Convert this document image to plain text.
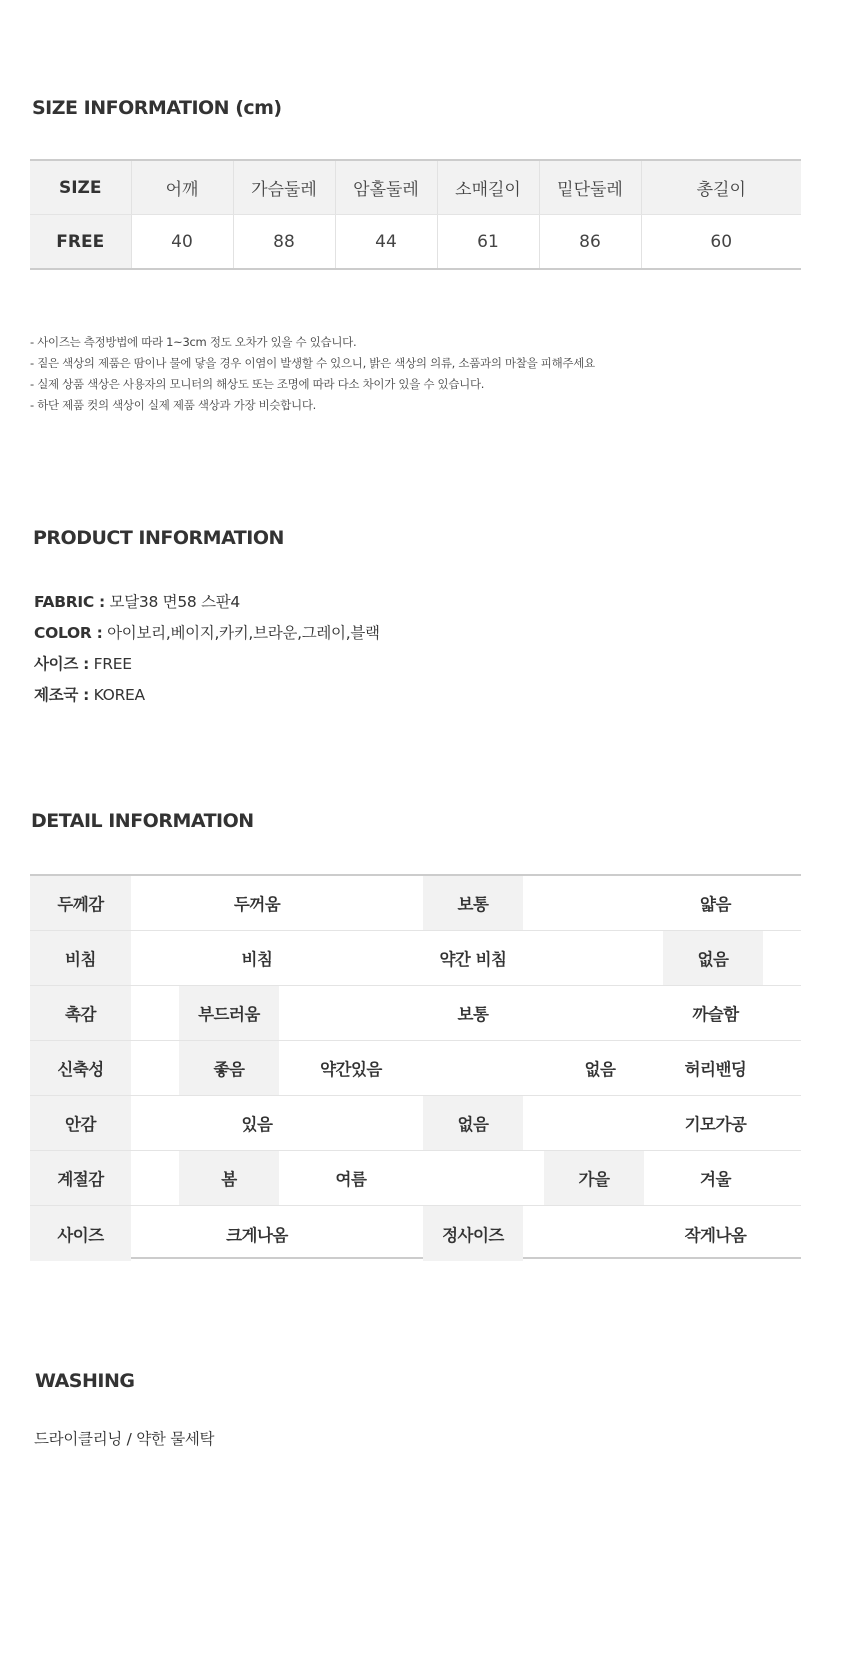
SIZE INFORMATION (cm)
SIZE	어깨	가슴둘레	암홀둘레	소매길이	밑단둘레	총길이
FREE	40	88	44	61	86	60
- 사이즈는 측정방법에 따라 1~3cm 정도 오차가 있을 수 있습니다.
- 짙은 색상의 제품은 땀이나 물에 닿을 경우 이염이 발생할 수 있으니, 밝은 색상의 의류, 소품과의 마찰을 피해주세요
- 실제 상품 색상은 사용자의 모니터의 해상도 또는 조명에 따라 다소 차이가 있을 수 있습니다.
- 하단 제품 컷의 색상이 실제 제품 색상과 가장 비슷합니다.
PRODUCT INFORMATION
FABRIC : 모달38 면58 스판4
COLOR : 아이보리,베이지,카키,브라운,그레이,블랙
사이즈 : FREE
제조국 : KOREA
DETAIL INFORMATION
두께감	두꺼움	보통	얇음
비침	비침	약간 비침	없음
촉감	부드러움	보통	까슬함
신축성	좋음	약간있음	없음	허리밴딩
안감	있음	없음	기모가공
계절감	봄	여름	가을	겨울
사이즈	크게나옴	정사이즈	작게나옴
WASHING
드라이클리닝 / 약한 물세탁
